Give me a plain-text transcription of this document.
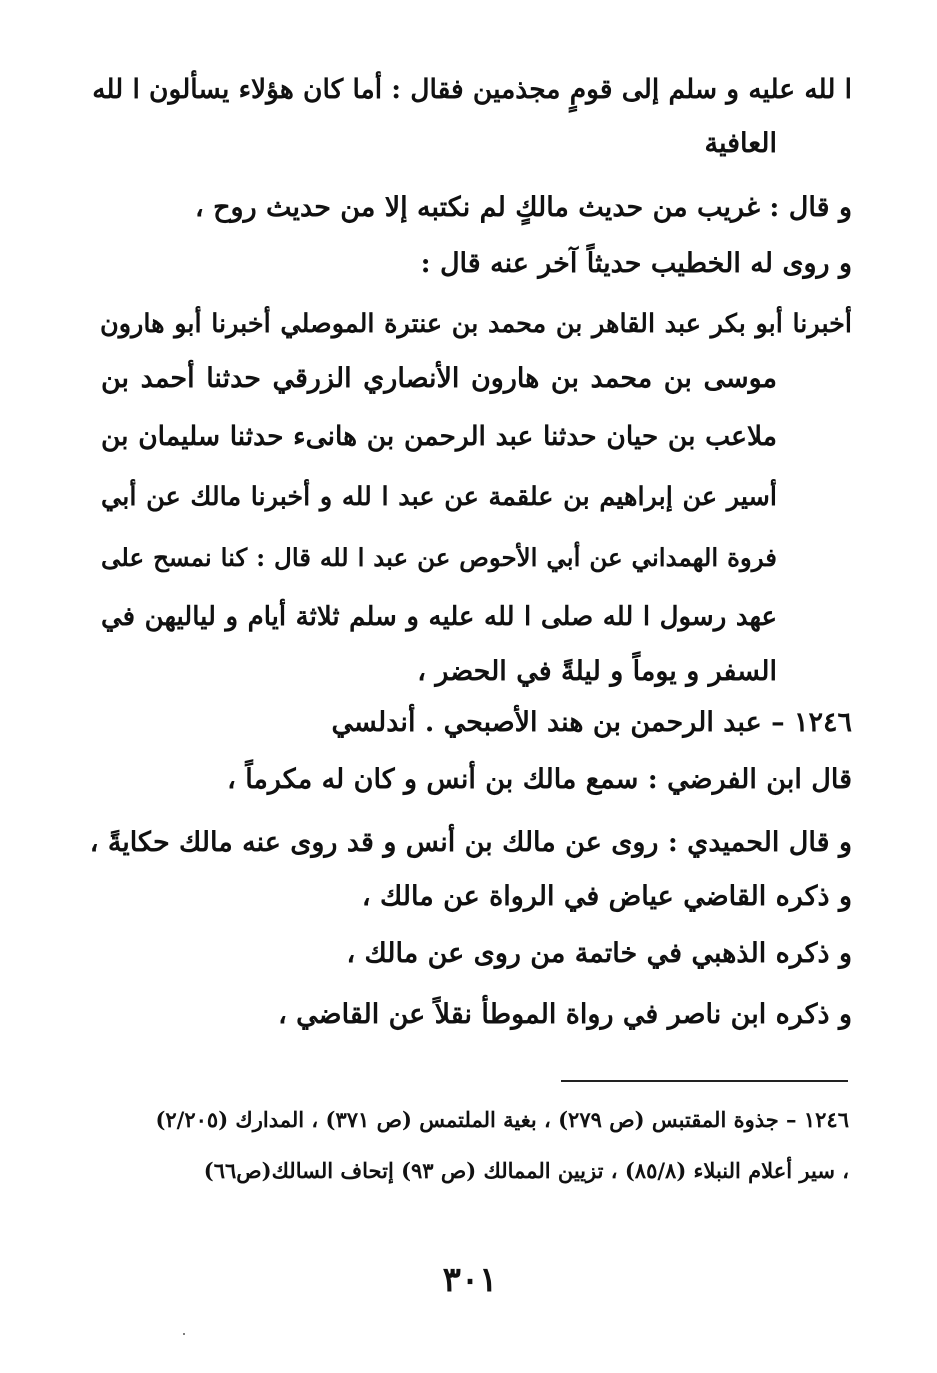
ا لله عليه و سلم إلى قومٍ مجذمين فقال : أما كان هؤلاء يسألون ا لله
العافية
و قال : غريب من حديث مالكٍ لم نكتبه إلا من حديث روح ،
و روى له الخطيب حديثاً آخر عنه قال :
أخبرنا أبو بكر عبد القاهر بن محمد بن عنترة الموصلي أخبرنا أبو هارون
موسى بن محمد بن هارون الأنصاري الزرقي حدثنا أحمد بن
ملاعب بن حيان حدثنا عبد الرحمن بن هانىء حدثنا سليمان بن
أسير عن إبراهيم بن علقمة عن عبد ا لله و أخبرنا مالك عن أبي
فروة الهمداني عن أبي الأحوص عن عبد ا لله قال : كنا نمسح على
عهد رسول ا لله صلى ا لله عليه و سلم ثلاثة أيام و لياليهن في
السفر و يوماً و ليلةً في الحضر ،
١٢٤٦ – عبد الرحمن بن هند الأصبحي . أندلسي
قال ابن الفرضي : سمع مالك بن أنس و كان له مكرماً ،
و قال الحميدي : روى عن مالك بن أنس و قد روى عنه مالك حكايةً ،
و ذكره القاضي عياض في الرواة عن مالك ،
و ذكره الذهبي في خاتمة من روى عن مالك ،
و ذكره ابن ناصر في رواة الموطأ نقلاً عن القاضي ،
١٢٤٦ – جذوة المقتبس (ص ٢٧٩) ، بغية الملتمس (ص ٣٧١) ، المدارك (٢/٢٠٥)
، سير أعلام النبلاء (٨٥/٨) ، تزيين الممالك (ص ٩٣) إتحاف السالك(ص٦٦)
٣٠١
